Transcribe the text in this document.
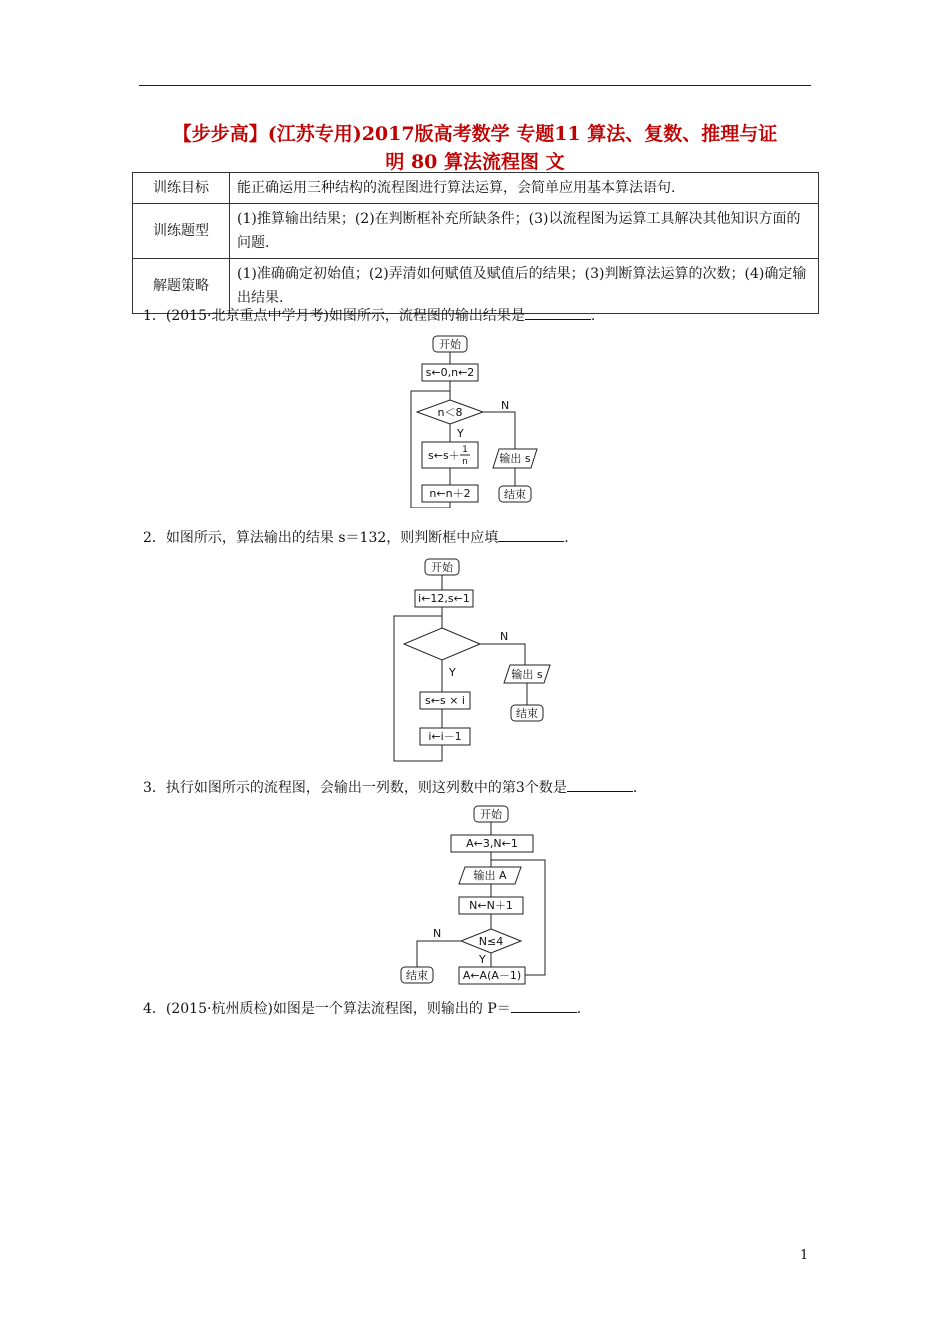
【步步高】(江苏专用)2017版高考数学 专题11 算法、复数、推理与证
明 80 算法流程图 文
训练目标	能正确运用三种结构的流程图进行算法运算，会简单应用基本算法语句.
训练题型	(1)推算输出结果；(2)在判断框补充所缺条件；(3)以流程图为运算工具解决其他知识方面的问题.
解题策略	(1)准确确定初始值；(2)弄清如何赋值及赋值后的结果；(3)判断算法运算的次数；(4)确定输出结果.
1．(2015·北京重点中学月考)如图所示，流程图的输出结果是	.
开始
s←0,n←2
n＜8
N
Y
s←s＋ 1
n
n←n＋2
输出 s
结束
2．如图所示，算法输出的结果 s＝132，则判断框中应填	.
开始
i←12,s←1
N
Y
s←s × i
i←i－1
输出 s
结束
3．执行如图所示的流程图，会输出一列数，则这列数中的第3个数是	.
开始
A←3,N←1
输出 A
N←N＋1
N≤4
N
Y
结束	A←A(A－1)
4．(2015·杭州质检)如图是一个算法流程图，则输出的 P＝	.
1
